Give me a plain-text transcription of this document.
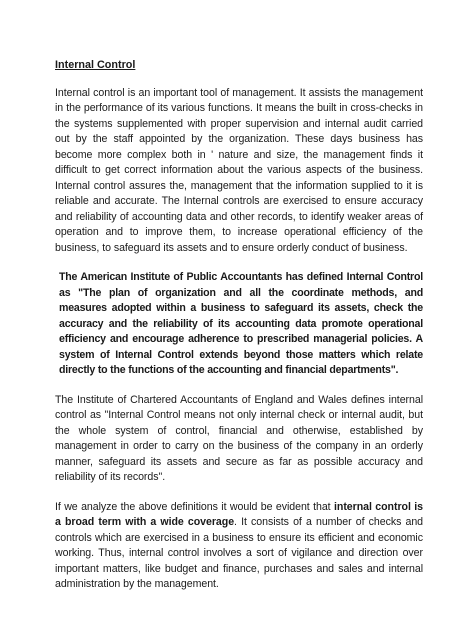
Internal Control

Internal control is an important tool of management. It assists the management in the performance of its various functions. It means the built in cross-checks in the systems supplemented with proper supervision and internal audit carried out by the staff appointed by the organization. These days business has become more complex both in ' nature and size, the management finds it difficult to get correct information about the various aspects of the business. Internal control assures the, management that the information supplied to it is reliable and accurate. The Internal controls are exercised to ensure accuracy and reliability of accounting data and other records, to identify weaker areas of operation and to improve them, to increase operational efficiency of the business, to safeguard its assets and to ensure orderly conduct of business.

The American Institute of Public Accountants has defined Internal Control as "The plan of organization and all the coordinate methods, and measures adopted within a business to safeguard its assets, check the accuracy and the reliability of its accounting data promote operational efficiency and encourage adherence to prescribed managerial policies. A system of Internal Control extends beyond those matters which relate directly to the functions of the accounting and financial departments".

The Institute of Chartered Accountants of England and Wales defines internal control as "Internal Control means not only internal check or internal audit, but the whole system of control, financial and otherwise, established by management in order to carry on the business of the company in an orderly manner, safeguard its assets and secure as far as possible accuracy and reliability of its records".

If we analyze the above definitions it would be evident that internal control is a broad term with a wide coverage. It consists of a number of checks and controls which are exercised in a business to ensure its efficient and economic working. Thus, internal control involves a sort of vigilance and direction over important matters, like budget and finance, purchases and sales and internal administration by the management.
